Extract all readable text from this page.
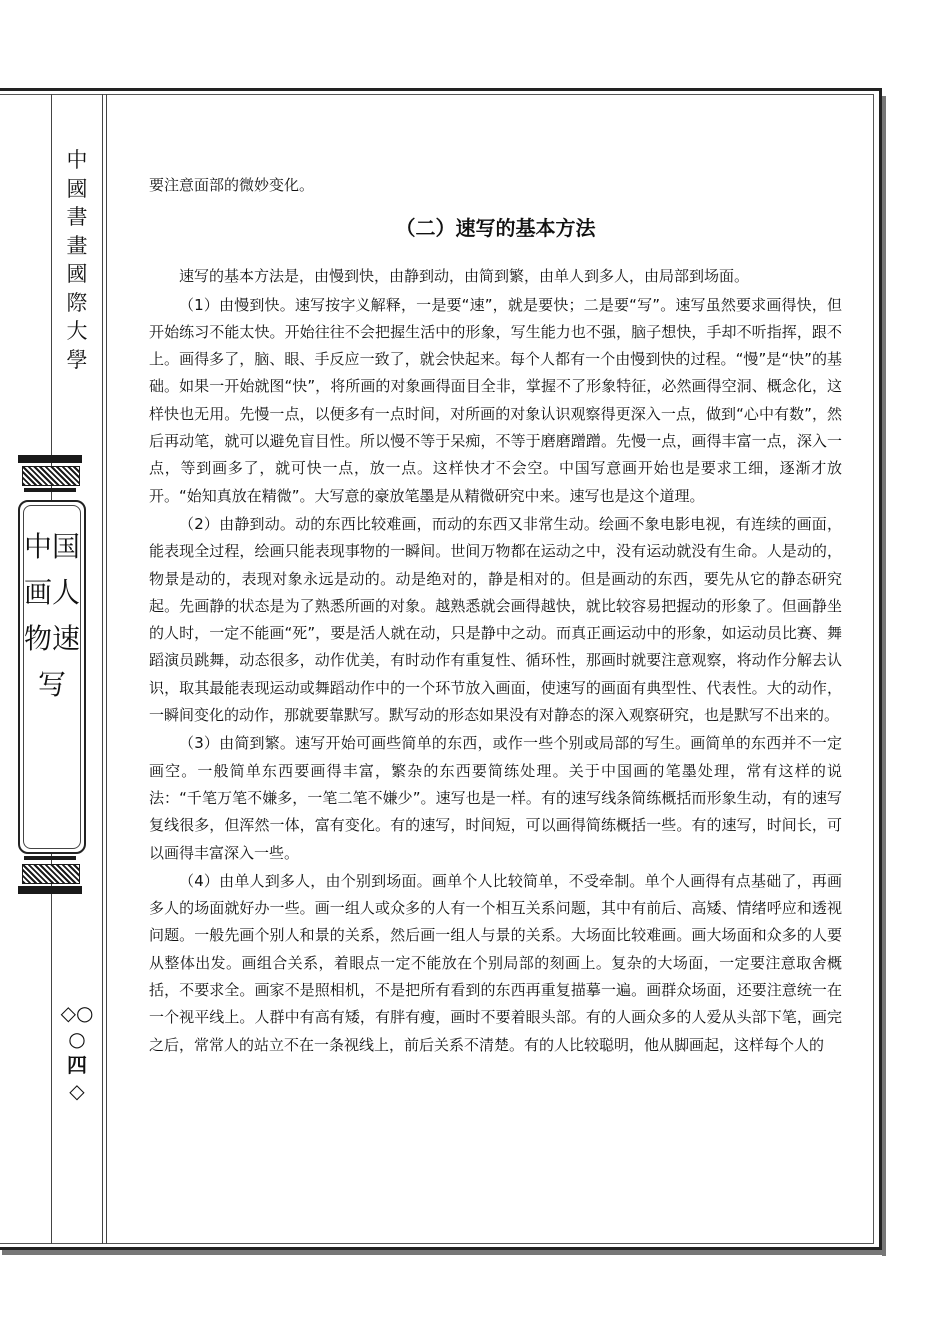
中國書畫國際大學
中国画人物速写
◇○○四◇

要注意面部的微妙变化。

（二）速写的基本方法

速写的基本方法是，由慢到快，由静到动，由简到繁，由单人到多人，由局部到场面。

（1）由慢到快。速写按字义解释，一是要“速”，就是要快；二是要“写”。速写虽然要求画得快，但开始练习不能太快。开始往往不会把握生活中的形象，写生能力也不强，脑子想快，手却不听指挥，跟不上。画得多了，脑、眼、手反应一致了，就会快起来。每个人都有一个由慢到快的过程。“慢”是“快”的基础。如果一开始就图“快”，将所画的对象画得面目全非，掌握不了形象特征，必然画得空洞、概念化，这样快也无用。先慢一点，以便多有一点时间，对所画的对象认识观察得更深入一点，做到“心中有数”，然后再动笔，就可以避免盲目性。所以慢不等于呆痴，不等于磨磨蹭蹭。先慢一点，画得丰富一点，深入一点，等到画多了，就可快一点，放一点。这样快才不会空。中国写意画开始也是要求工细，逐渐才放开。“始知真放在精微”。大写意的豪放笔墨是从精微研究中来。速写也是这个道理。

（2）由静到动。动的东西比较难画，而动的东西又非常生动。绘画不象电影电视，有连续的画面，能表现全过程，绘画只能表现事物的一瞬间。世间万物都在运动之中，没有运动就没有生命。人是动的，物景是动的，表现对象永远是动的。动是绝对的，静是相对的。但是画动的东西，要先从它的静态研究起。先画静的状态是为了熟悉所画的对象。越熟悉就会画得越快，就比较容易把握动的形象了。但画静坐的人时，一定不能画“死”，要是活人就在动，只是静中之动。而真正画运动中的形象，如运动员比赛、舞蹈演员跳舞，动态很多，动作优美，有时动作有重复性、循环性，那画时就要注意观察，将动作分解去认识，取其最能表现运动或舞蹈动作中的一个环节放入画面，使速写的画面有典型性、代表性。大的动作，一瞬间变化的动作，那就要靠默写。默写动的形态如果没有对静态的深入观察研究，也是默写不出来的。

（3）由简到繁。速写开始可画些简单的东西，或作一些个别或局部的写生。画简单的东西并不一定画空。一般简单东西要画得丰富，繁杂的东西要简练处理。关于中国画的笔墨处理，常有这样的说法：“千笔万笔不嫌多，一笔二笔不嫌少”。速写也是一样。有的速写线条简练概括而形象生动，有的速写复线很多，但浑然一体，富有变化。有的速写，时间短，可以画得简练概括一些。有的速写，时间长，可以画得丰富深入一些。

（4）由单人到多人，由个别到场面。画单个人比较简单，不受牵制。单个人画得有点基础了，再画多人的场面就好办一些。画一组人或众多的人有一个相互关系问题，其中有前后、高矮、情绪呼应和透视问题。一般先画个别人和景的关系，然后画一组人与景的关系。大场面比较难画。画大场面和众多的人要从整体出发。画组合关系，着眼点一定不能放在个别局部的刻画上。复杂的大场面，一定要注意取舍概括，不要求全。画家不是照相机，不是把所有看到的东西再重复描摹一遍。画群众场面，还要注意统一在一个视平线上。人群中有高有矮，有胖有瘦，画时不要着眼头部。有的人画众多的人爱从头部下笔，画完之后，常常人的站立不在一条视线上，前后关系不清楚。有的人比较聪明，他从脚画起，这样每个人的
